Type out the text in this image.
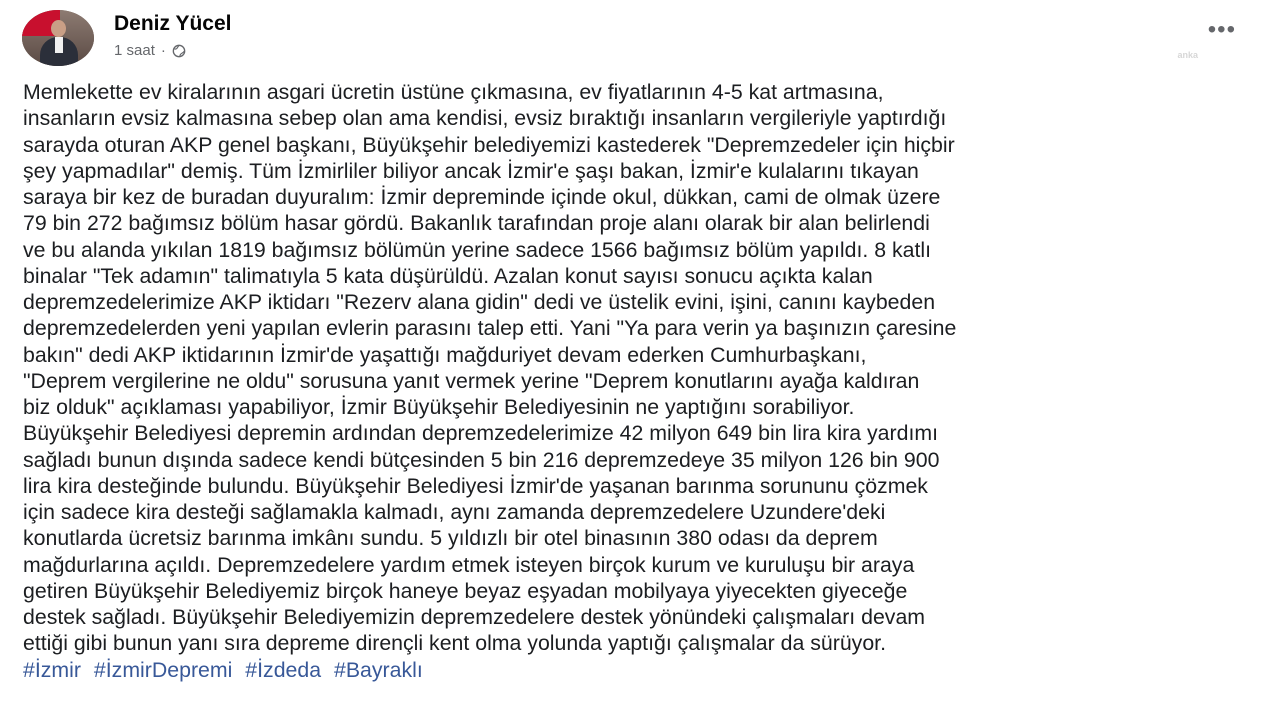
Deniz Yücel
1 saat ·
•••
anka
Memlekette ev kiralarının asgari ücretin üstüne çıkmasına, ev fiyatlarının 4-5 kat artmasına,
insanların evsiz kalmasına sebep olan ama kendisi, evsiz bıraktığı insanların vergileriyle yaptırdığı
sarayda oturan AKP genel başkanı, Büyükşehir belediyemizi kastederek "Depremzedeler için hiçbir
şey yapmadılar" demiş. Tüm İzmirliler biliyor ancak İzmir'e şaşı bakan, İzmir'e kulalarını tıkayan
saraya bir kez de buradan duyuralım: İzmir depreminde içinde okul, dükkan, cami de olmak üzere
79 bin 272 bağımsız bölüm hasar gördü. Bakanlık tarafından proje alanı olarak bir alan belirlendi
ve bu alanda yıkılan 1819 bağımsız bölümün yerine sadece 1566 bağımsız bölüm yapıldı. 8 katlı
binalar "Tek adamın" talimatıyla 5 kata düşürüldü. Azalan konut sayısı sonucu açıkta kalan
depremzedelerimize AKP iktidarı "Rezerv alana gidin" dedi ve üstelik evini, işini, canını kaybeden
depremzedelerden yeni yapılan evlerin parasını talep etti. Yani "Ya para verin ya başınızın çaresine
bakın" dedi AKP iktidarının İzmir'de yaşattığı mağduriyet devam ederken Cumhurbaşkanı,
"Deprem vergilerine ne oldu" sorusuna yanıt vermek yerine "Deprem konutlarını ayağa kaldıran
biz olduk" açıklaması yapabiliyor, İzmir Büyükşehir Belediyesinin ne yaptığını sorabiliyor.
Büyükşehir Belediyesi depremin ardından depremzedelerimize 42 milyon 649 bin lira kira yardımı
sağladı bunun dışında sadece kendi bütçesinden 5 bin 216 depremzedeye 35 milyon 126 bin 900
lira kira desteğinde bulundu. Büyükşehir Belediyesi İzmir'de yaşanan barınma sorununu çözmek
için sadece kira desteği sağlamakla kalmadı, aynı zamanda depremzedelere Uzundere'deki
konutlarda ücretsiz barınma imkânı sundu. 5 yıldızlı bir otel binasının 380 odası da deprem
mağdurlarına açıldı. Depremzedelere yardım etmek isteyen birçok kurum ve kuruluşu bir araya
getiren Büyükşehir Belediyemiz birçok haneye beyaz eşyadan mobilyaya yiyecekten giyeceğe
destek sağladı. Büyükşehir Belediyemizin depremzedelere destek yönündeki çalışmaları devam
ettiği gibi bunun yanı sıra depreme dirençli kent olma yolunda yaptığı çalışmalar da sürüyor.
#İzmir #İzmirDepremi #İzdeda #Bayraklı
